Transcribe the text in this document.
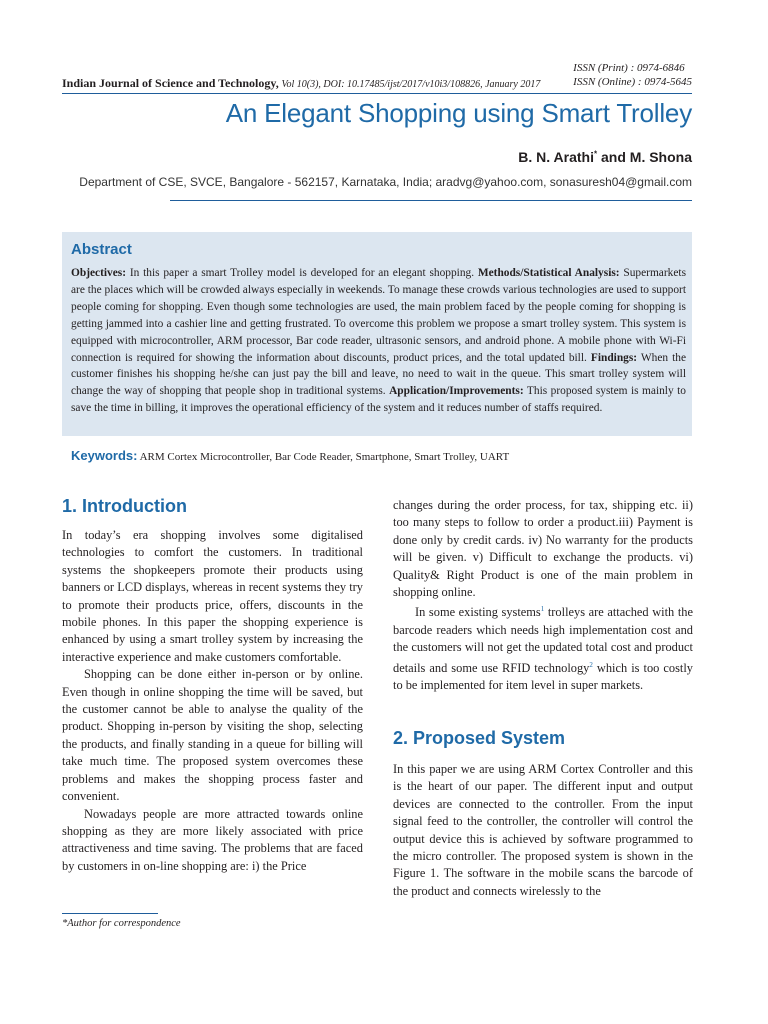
ISSN (Print) : 0974-6846
ISSN (Online) : 0974-5645
Indian Journal of Science and Technology, Vol 10(3), DOI: 10.17485/ijst/2017/v10i3/108826, January 2017
An Elegant Shopping using Smart Trolley
B. N. Arathi* and M. Shona
Department of CSE, SVCE, Bangalore - 562157, Karnataka, India; aradvg@yahoo.com, sonasuresh04@gmail.com
Abstract
Objectives: In this paper a smart Trolley model is developed for an elegant shopping. Methods/Statistical Analysis: Supermarkets are the places which will be crowded always especially in weekends. To manage these crowds various technologies are used to support people coming for shopping. Even though some technologies are used, the main problem faced by the people coming for shopping is getting jammed into a cashier line and getting frustrated. To overcome this problem we propose a smart trolley system. This system is equipped with microcontroller, ARM processor, Bar code reader, ultrasonic sensors, and android phone. A mobile phone with Wi-Fi connection is required for showing the information about discounts, product prices, and the total updated bill. Findings: When the customer finishes his shopping he/she can just pay the bill and leave, no need to wait in the queue. This smart trolley system will change the way of shopping that people shop in traditional systems. Application/Improvements: This proposed system is mainly to save the time in billing, it improves the operational efficiency of the system and it reduces number of staffs required.
Keywords: ARM Cortex Microcontroller, Bar Code Reader, Smartphone, Smart Trolley, UART
1. Introduction

In today’s era shopping involves some digitalised technologies to comfort the customers. In traditional systems the shopkeepers promote their products using banners or LCD displays, whereas in recent systems they try to promote their products price, offers, discounts in the mobile phones. In this paper the shopping experience is enhanced by using a smart trolley system by increasing the interactive experience and make customers comfortable.

Shopping can be done either in-person or by online. Even though in online shopping the time will be saved, but the customer cannot be able to analyse the quality of the product. Shopping in-person by visiting the shop, selecting the products, and finally standing in a queue for billing will take much time. The proposed system overcomes these problems and makes the shopping process faster and convenient.

Nowadays people are more attracted towards online shopping as they are more likely associated with price attractiveness and time saving. The problems that are faced by customers in on-line shopping are: i) the Price

changes during the order process, for tax, shipping etc. ii) too many steps to follow to order a product.iii) Payment is done only by credit cards. iv) No warranty for the products will be given. v) Difficult to exchange the products. vi) Quality& Right Product is one of the main problem in shopping online.

In some existing systems$^1$ trolleys are attached with the barcode readers which needs high implementation cost and the customers will not get the updated total cost and product details and some use RFID technology$^2$ which is too costly to be implemented for item level in super markets.

2. Proposed System

In this paper we are using ARM Cortex Controller and this is the heart of our paper. The different input and output devices are connected to the controller. From the input signal feed to the controller, the controller will control the output device this is achieved by software programmed to the micro controller. The proposed system is shown in the Figure 1. The software in the mobile scans the barcode of the product and connects wirelessly to the

*Author for correspondence
